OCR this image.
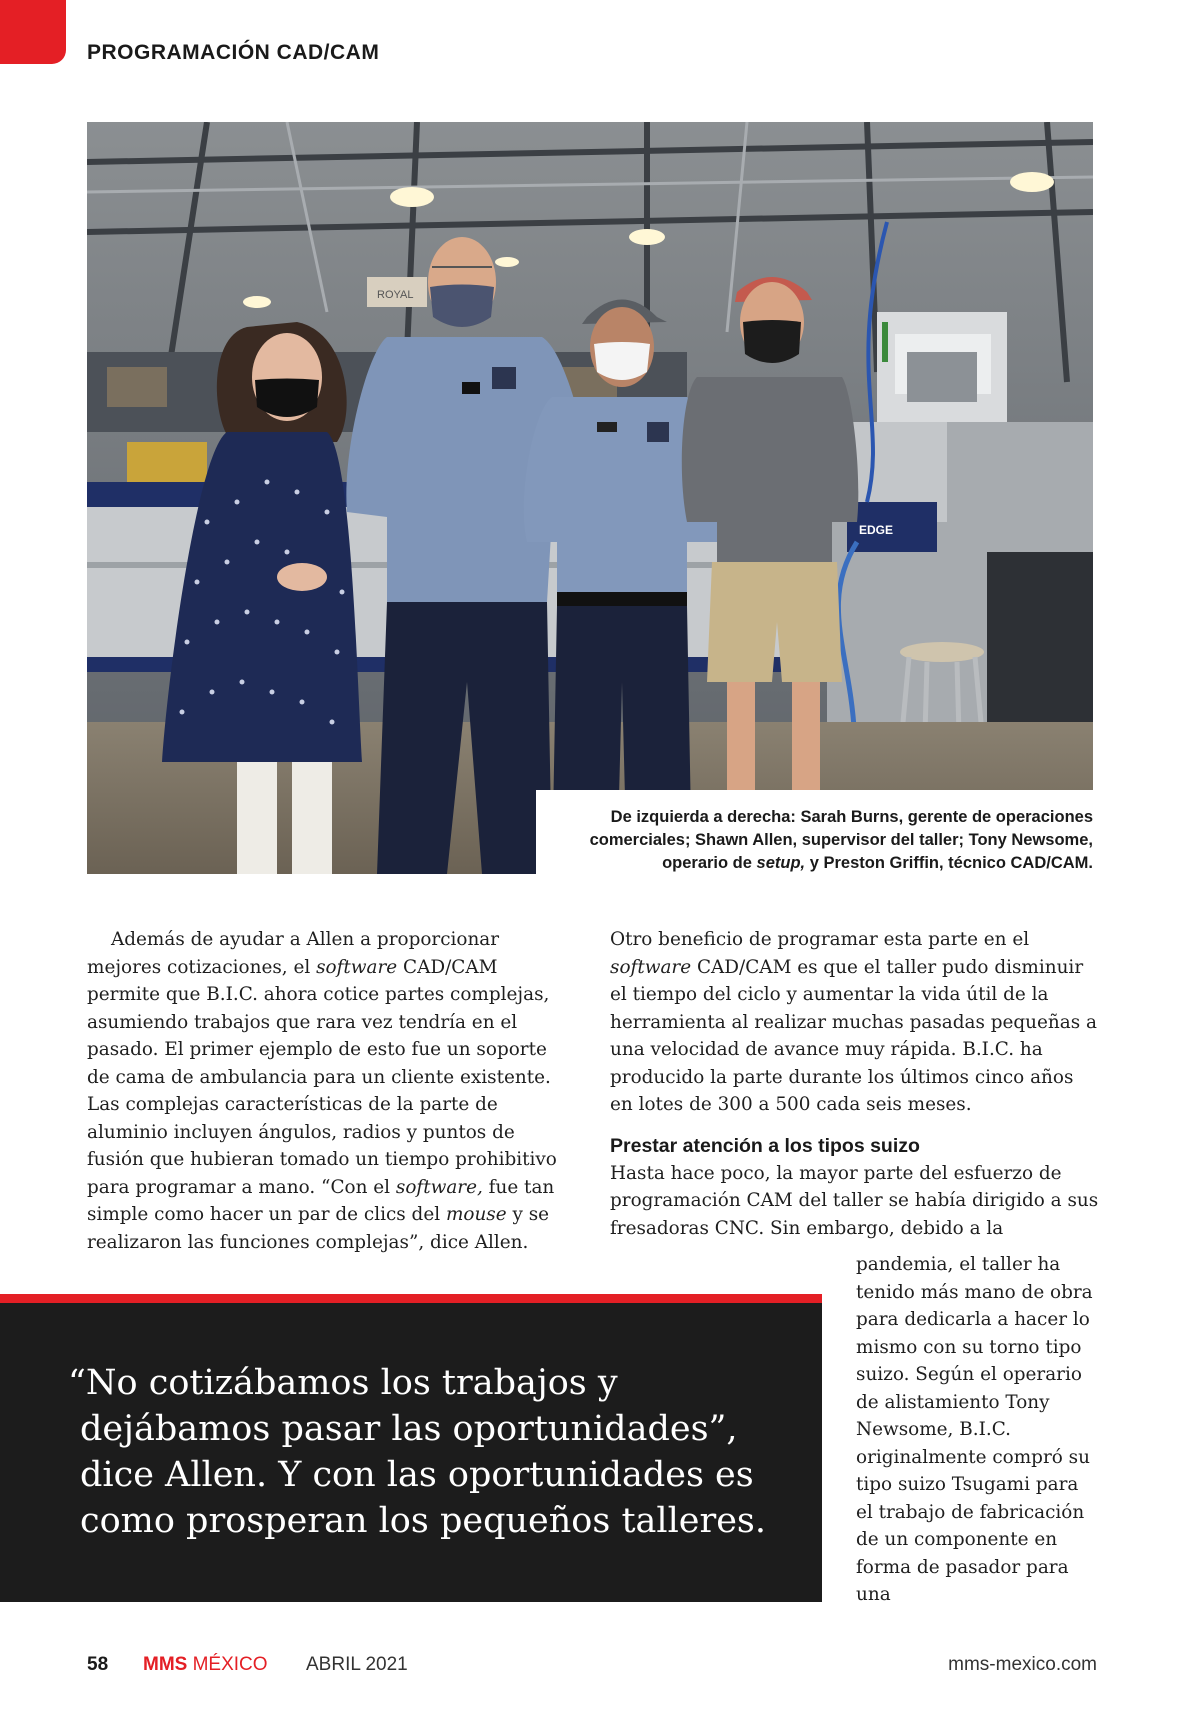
PROGRAMACIÓN CAD/CAM
ROYAL
EDGE
De izquierda a derecha: Sarah Burns, gerente de operaciones
comerciales; Shawn Allen, supervisor del taller; Tony Newsome,
operario de setup, y Preston Griffin, técnico CAD/CAM.

Además de ayudar a Allen a proporcionar mejores cotizaciones, el software CAD/CAM permite que B.I.C. ahora cotice partes complejas, asumiendo trabajos que rara vez tendría en el pasado. El primer ejemplo de esto fue un soporte de cama de ambulancia para un cliente existente. Las complejas características de la parte de aluminio incluyen ángulos, radios y puntos de fusión que hubieran tomado un tiempo prohibitivo para programar a mano. “Con el software, fue tan simple como hacer un par de clics del mouse y se realizaron las funciones complejas”, dice Allen.

Otro beneficio de programar esta parte en el software CAD/CAM es que el taller pudo disminuir el tiempo del ciclo y aumentar la vida útil de la herramienta al realizar muchas pasadas pequeñas a una velocidad de avance muy rápida. B.I.C. ha producido la parte durante los últimos cinco años en lotes de 300 a 500 cada seis meses.

Prestar atención a los tipos suizo

Hasta hace poco, la mayor parte del esfuerzo de programación CAM del taller se había dirigido a sus fresadoras CNC. Sin embargo, debido a la

pandemia, el taller ha tenido más mano de obra para dedicarla a hacer lo mismo con su torno tipo suizo. Según el operario de alistamiento Tony Newsome, B.I.C. originalmente compró su tipo suizo Tsugami para el trabajo de fabricación de un componente en forma de pasador para una

“No cotizábamos los trabajos y
dejábamos pasar las oportunidades”,
dice Allen. Y con las oportunidades es
como prosperan los pequeños talleres.
58 MMS MÉXICO ABRIL 2021	mms-mexico.com
